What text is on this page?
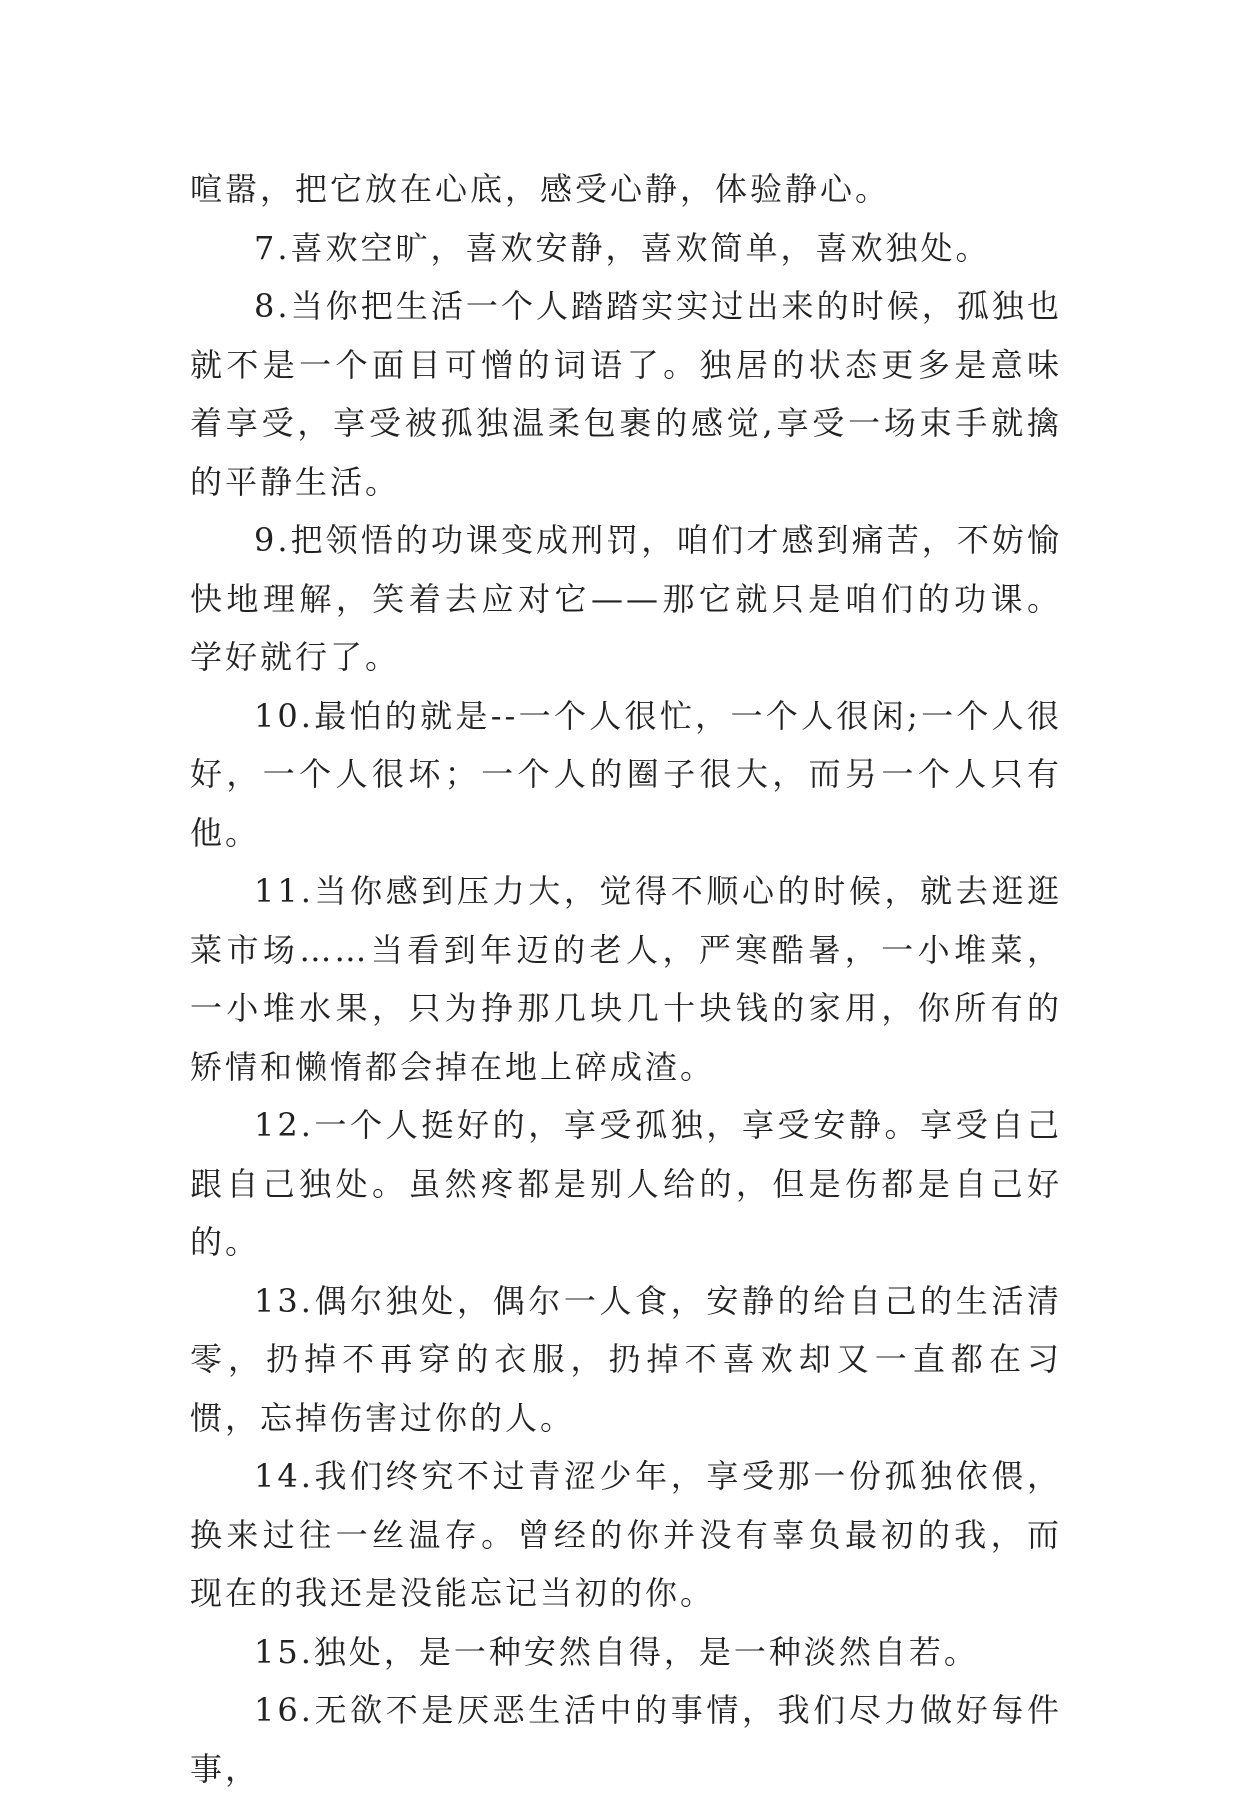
喧嚣，把它放在心底，感受心静，体验静心。

7.喜欢空旷，喜欢安静，喜欢简单，喜欢独处。

8.当你把生活一个人踏踏实实过出来的时候，孤独也就不是一个面目可憎的词语了。独居的状态更多是意味着享受，享受被孤独温柔包裹的感觉,享受一场束手就擒的平静生活。

9.把领悟的功课变成刑罚，咱们才感到痛苦，不妨愉快地理解，笑着去应对它——那它就只是咱们的功课。学好就行了。

10.最怕的就是--一个人很忙，一个人很闲;一个人很好，一个人很坏；一个人的圈子很大，而另一个人只有他。

11.当你感到压力大，觉得不顺心的时候，就去逛逛菜市场……当看到年迈的老人，严寒酷暑，一小堆菜，一小堆水果，只为挣那几块几十块钱的家用，你所有的矫情和懒惰都会掉在地上碎成渣。

12.一个人挺好的，享受孤独，享受安静。享受自己跟自己独处。虽然疼都是别人给的，但是伤都是自己好的。

13.偶尔独处，偶尔一人食，安静的给自己的生活清零，扔掉不再穿的衣服，扔掉不喜欢却又一直都在习惯，忘掉伤害过你的人。

14.我们终究不过青涩少年，享受那一份孤独依偎，换来过往一丝温存。曾经的你并没有辜负最初的我，而现在的我还是没能忘记当初的你。

15.独处，是一种安然自得，是一种淡然自若。

16.无欲不是厌恶生活中的事情，我们尽力做好每件事，
